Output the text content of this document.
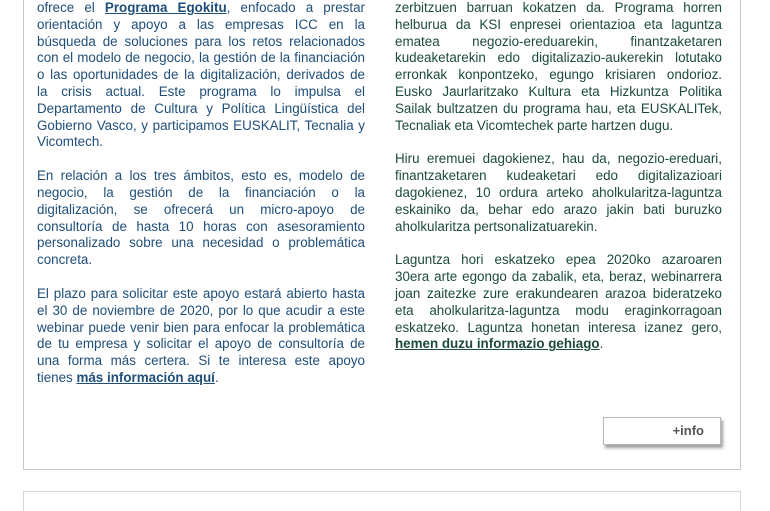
ofrece el Programa Egokitu, enfocado a prestar orientación y apoyo a las empresas ICC en la búsqueda de soluciones para los retos relacionados con el modelo de negocio, la gestión de la financiación o las oportunidades de la digitalización, derivados de la crisis actual. Este programa lo impulsa el Departamento de Cultura y Política Lingüística del Gobierno Vasco, y participamos EUSKALIT, Tecnalia y Vicomtech.

En relación a los tres ámbitos, esto es, modelo de negocio, la gestión de la financiación o la digitalización, se ofrecerá un micro-apoyo de consultoría de hasta 10 horas con asesoramiento personalizado sobre una necesidad o problemática concreta.

El plazo para solicitar este apoyo estará abierto hasta el 30 de noviembre de 2020, por lo que acudir a este webinar puede venir bien para enfocar la problemática de tu empresa y solicitar el apoyo de consultoría de una forma más certera. Si te interesa este apoyo tienes más información aquí.

zerbitzuen barruan kokatzen da. Programa horren helburua da KSI enpresei orientazioa eta laguntza ematea negozio-ereduarekin, finantzaketaren kudeaketarekin edo digitalizazio-aukerekin lotutako erronkak konpontzeko, egungo krisiaren ondorioz. Eusko Jaurlaritzako Kultura eta Hizkuntza Politika Sailak bultzatzen du programa hau, eta EUSKALITek, Tecnaliak eta Vicomtechek parte hartzen dugu.

Hiru eremuei dagokienez, hau da, negozio-ereduari, finantzaketaren kudeaketari edo digitalizazioari dagokienez, 10 ordura arteko aholkularitza-laguntza eskainiko da, behar edo arazo jakin bati buruzko aholkularitza pertsonalizatuarekin.

Laguntza hori eskatzeko epea 2020ko azaroaren 30era arte egongo da zabalik, eta, beraz, webinarrera joan zaitezke zure erakundearen arazoa bideratzeko eta aholkularitza-laguntza modu eraginkorragoan eskatzeko. Laguntza honetan interesa izanez gero, hemen duzu informazio gehiago.

+info
